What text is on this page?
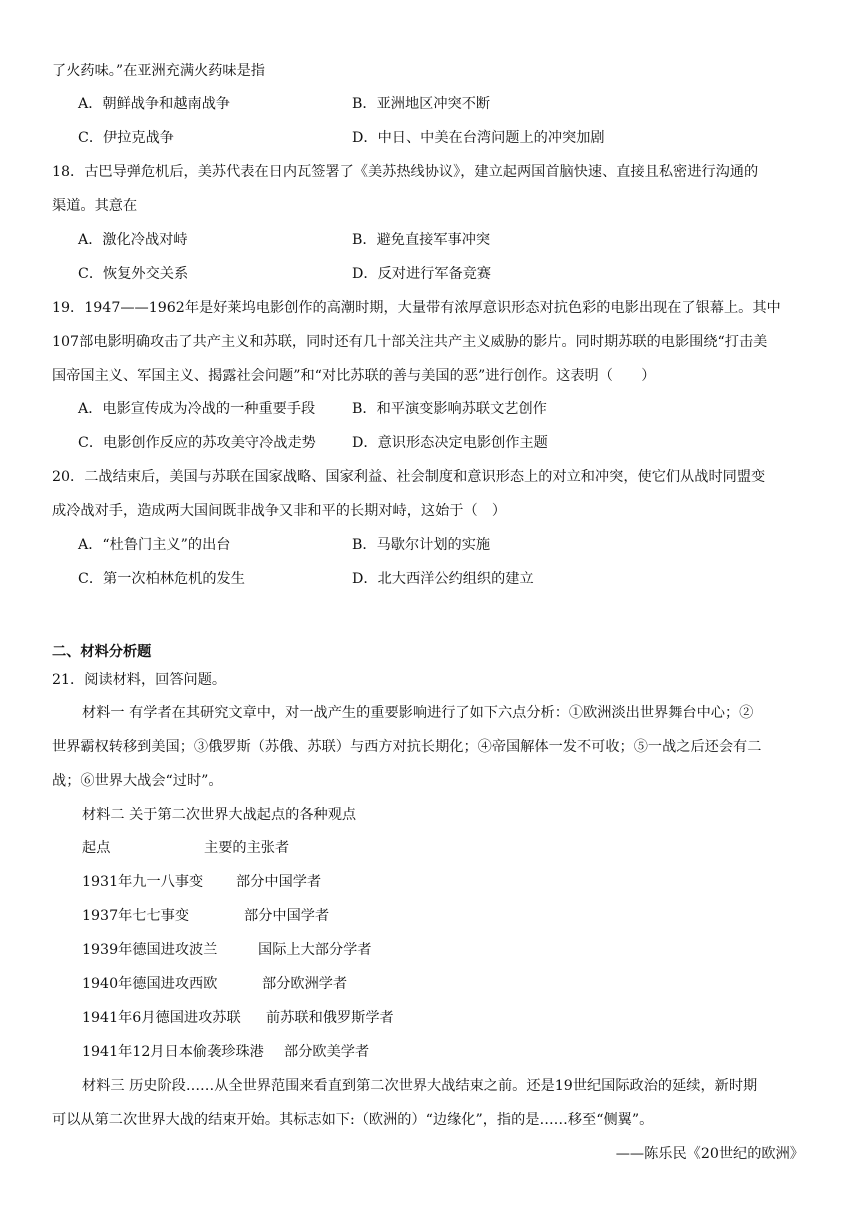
了火药味。”在亚洲充满火药味是指
A．朝鲜战争和越南战争	B．亚洲地区冲突不断
C．伊拉克战争	D．中日、中美在台湾问题上的冲突加剧
18．古巴导弹危机后，美苏代表在日内瓦签署了《美苏热线协议》，建立起两国首脑快速、直接且私密进行沟通的
渠道。其意在
A．激化冷战对峙	B．避免直接军事冲突
C．恢复外交关系	D．反对进行军备竞赛
19．1947——1962年是好莱坞电影创作的高潮时期，大量带有浓厚意识形态对抗色彩的电影出现在了银幕上。其中
107部电影明确攻击了共产主义和苏联，同时还有几十部关注共产主义威胁的影片。同时期苏联的电影围绕“打击美
国帝国主义、军国主义、揭露社会问题”和“对比苏联的善与美国的恶”进行创作。这表明（　　）
A．电影宣传成为冷战的一种重要手段	B．和平演变影响苏联文艺创作
C．电影创作反应的苏攻美守冷战走势	D．意识形态决定电影创作主题
20．二战结束后，美国与苏联在国家战略、国家利益、社会制度和意识形态上的对立和冲突，使它们从战时同盟变
成冷战对手，造成两大国间既非战争又非和平的长期对峙，这始于（　）
A．“杜鲁门主义”的出台	B．马歇尔计划的实施
C．第一次柏林危机的发生	D．北大西洋公约组织的建立
二、材料分析题
21．阅读材料，回答问题。
材料一 有学者在其研究文章中，对一战产生的重要影响进行了如下六点分析：①欧洲淡出世界舞台中心；②
世界霸权转移到美国；③俄罗斯（苏俄、苏联）与西方对抗长期化；④帝国解体一发不可收；⑤一战之后还会有二
战；⑥世界大战会“过时”。
材料二 关于第二次世界大战起点的各种观点
起点	主要的主张者
1931年九一八事变 部分中国学者
1937年七七事变	部分中国学者
1939年德国进攻波兰	国际上大部分学者
1940年德国进攻西欧	部分欧洲学者
1941年6月德国进攻苏联 前苏联和俄罗斯学者
1941年12月日本偷袭珍珠港 部分欧美学者
材料三 历史阶段……从全世界范围来看直到第二次世界大战结束之前。还是19世纪国际政治的延续，新时期
可以从第二次世界大战的结束开始。其标志如下:（欧洲的）“边缘化”，指的是……移至“侧翼”。
——陈乐民《20世纪的欧洲》
